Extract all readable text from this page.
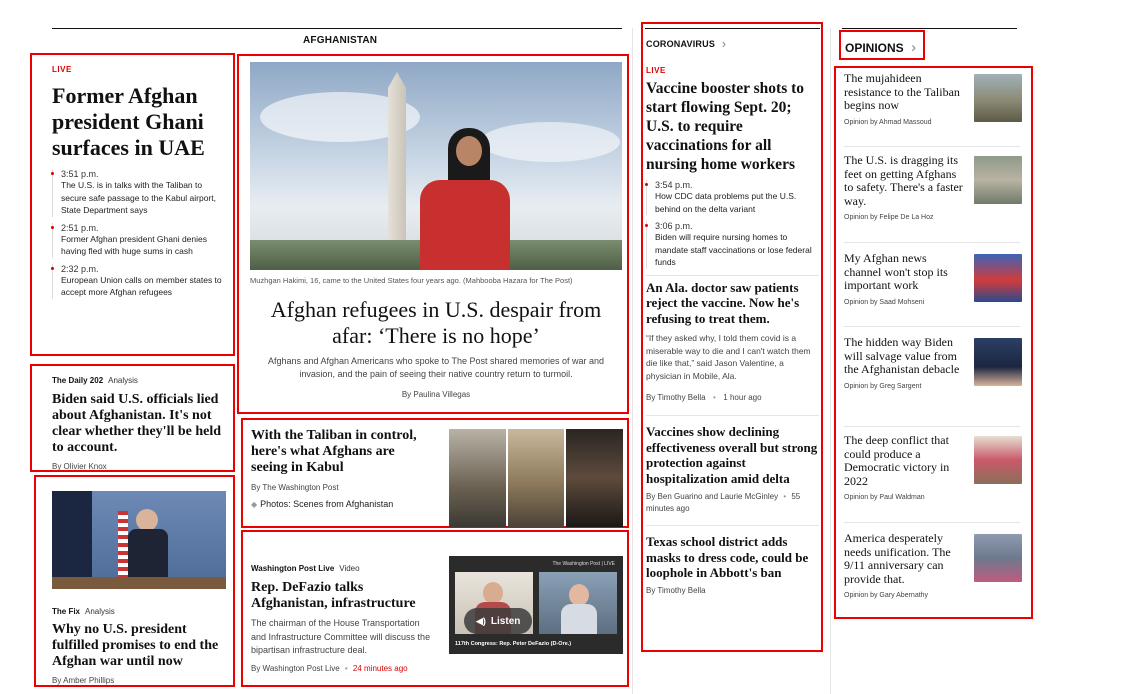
AFGHANISTAN	CORONAVIRUS ›	OPINIONS ›
LIVE
Former Afghan president Ghani surfaces in UAE
3:51 p.m.
The U.S. is in talks with the Taliban to secure safe passage to the Kabul airport, State Department says
2:51 p.m.
Former Afghan president Ghani denies having fled with huge sums in cash
2:32 p.m.
European Union calls on member states to accept more Afghan refugees
The Daily 202 Analysis
Biden said U.S. officials lied about Afghanistan. It's not clear whether they'll be held to account.
By Olivier Knox
The Fix Analysis
Why no U.S. president fulfilled promises to end the Afghan war until now
By Amber Phillips
Muzhgan Hakimi, 16, came to the United States four years ago. (Mahbooba Hazara for The Post)
Afghan refugees in U.S. despair from afar: ‘There is no hope’
Afghans and Afghan Americans who spoke to The Post shared memories of war and invasion, and the pain of seeing their native country return to turmoil.
By Paulina Villegas
With the Taliban in control, here's what Afghans are seeing in Kabul
By The Washington Post
◆ Photos: Scenes from Afghanistan
Washington Post Live Video
Rep. DeFazio talks Afghanistan, infrastructure
The chairman of the House Transportation and Infrastructure Committee will discuss the bipartisan infrastructure deal.
By Washington Post Live • 24 minutes ago
The Washington Post | LIVE
117th Congress: Rep. Peter DeFazio (D-Ore.)
◀) Listen
LIVE
Vaccine booster shots to start flowing Sept. 20; U.S. to require vaccinations for all nursing home workers
3:54 p.m.
How CDC data problems put the U.S. behind on the delta variant
3:06 p.m.
Biden will require nursing homes to mandate staff vaccinations or lose federal funds
An Ala. doctor saw patients reject the vaccine. Now he's refusing to treat them.
“If they asked why, I told them covid is a miserable way to die and I can't watch them die like that,” said Jason Valentine, a physician in Mobile, Ala.
By Timothy Bella • 1 hour ago
Vaccines show declining effectiveness overall but strong protection against hospitalization amid delta
By Ben Guarino and Laurie McGinley • 55 minutes ago
Texas school district adds masks to dress code, could be loophole in Abbott's ban
By Timothy Bella
The mujahideen resistance to the Taliban begins now
Opinion by Ahmad Massoud
The U.S. is dragging its feet on getting Afghans to safety. There's a faster way.
Opinion by Felipe De La Hoz
My Afghan news channel won't stop its important work
Opinion by Saad Mohseni
The hidden way Biden will salvage value from the Afghanistan debacle
Opinion by Greg Sargent
The deep conflict that could produce a Democratic victory in 2022
Opinion by Paul Waldman
America desperately needs unification. The 9/11 anniversary can provide that.
Opinion by Gary Abernathy
